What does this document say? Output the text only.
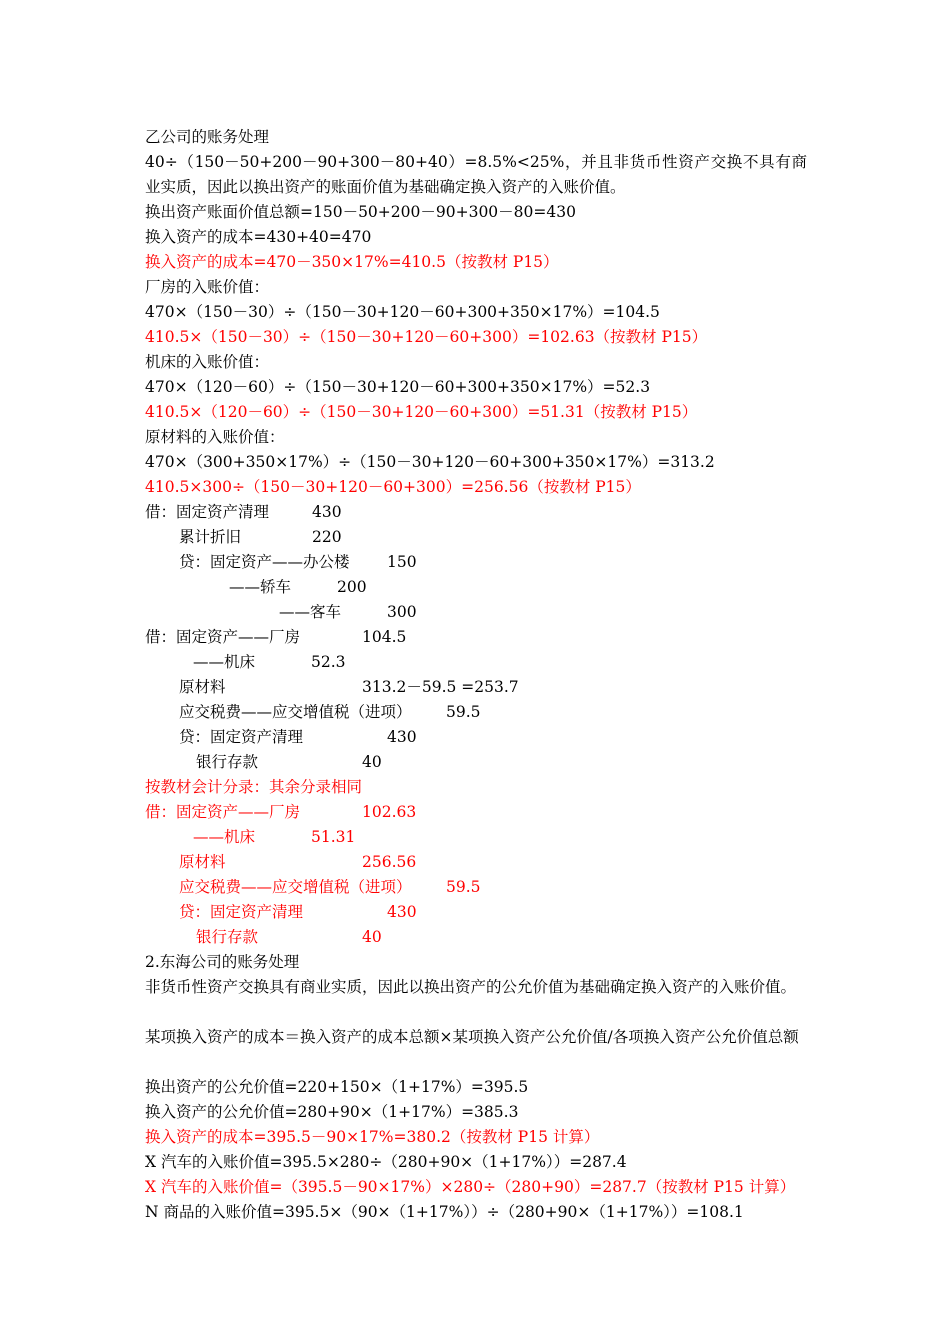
乙公司的账务处理
40÷（150－50+200－90+300－80+40）=8.5%<25%，并且非货币性资产交换不具有商业实质，因此以换出资产的账面价值为基础确定换入资产的入账价值。
换出资产账面价值总额=150－50+200－90+300－80=430
换入资产的成本=430+40=470
换入资产的成本=470－350×17%=410.5（按教材 P15）
厂房的入账价值：
470×（150－30）÷（150－30+120－60+300+350×17%）=104.5
410.5×（150－30）÷（150－30+120－60+300）=102.63（按教材 P15）
机床的入账价值：
470×（120－60）÷（150－30+120－60+300+350×17%）=52.3
410.5×（120－60）÷（150－30+120－60+300）=51.31（按教材 P15）
原材料的入账价值：
470×（300+350×17%）÷（150－30+120－60+300+350×17%）=313.2
410.5×300÷（150－30+120－60+300）=256.56（按教材 P15）
借：固定资产清理	430
累计折旧	220
贷：固定资产——办公楼 150
——轿车	200
——客车	300
借：固定资产——厂房	104.5
——机床	52.3
原材料	313.2－59.5 =253.7
应交税费——应交增值税（进项） 59.5
贷：固定资产清理	430
银行存款	40
按教材会计分录：其余分录相同
借：固定资产——厂房	102.63
——机床	51.31
原材料	256.56
应交税费——应交增值税（进项） 59.5
贷：固定资产清理	430
银行存款	40
2.东海公司的账务处理
非货币性资产交换具有商业实质，因此以换出资产的公允价值为基础确定换入资产的入账价值。
某项换入资产的成本＝换入资产的成本总额×某项换入资产公允价值/各项换入资产公允价值总额
换出资产的公允价值=220+150×（1+17%）=395.5
换入资产的公允价值=280+90×（1+17%）=385.3
换入资产的成本=395.5－90×17%=380.2（按教材 P15 计算）
X 汽车的入账价值=395.5×280÷（280+90×（1+17%））=287.4
X 汽车的入账价值=（395.5－90×17%）×280÷（280+90）=287.7（按教材 P15 计算）
N 商品的入账价值=395.5×（90×（1+17%））÷（280+90×（1+17%））=108.1
